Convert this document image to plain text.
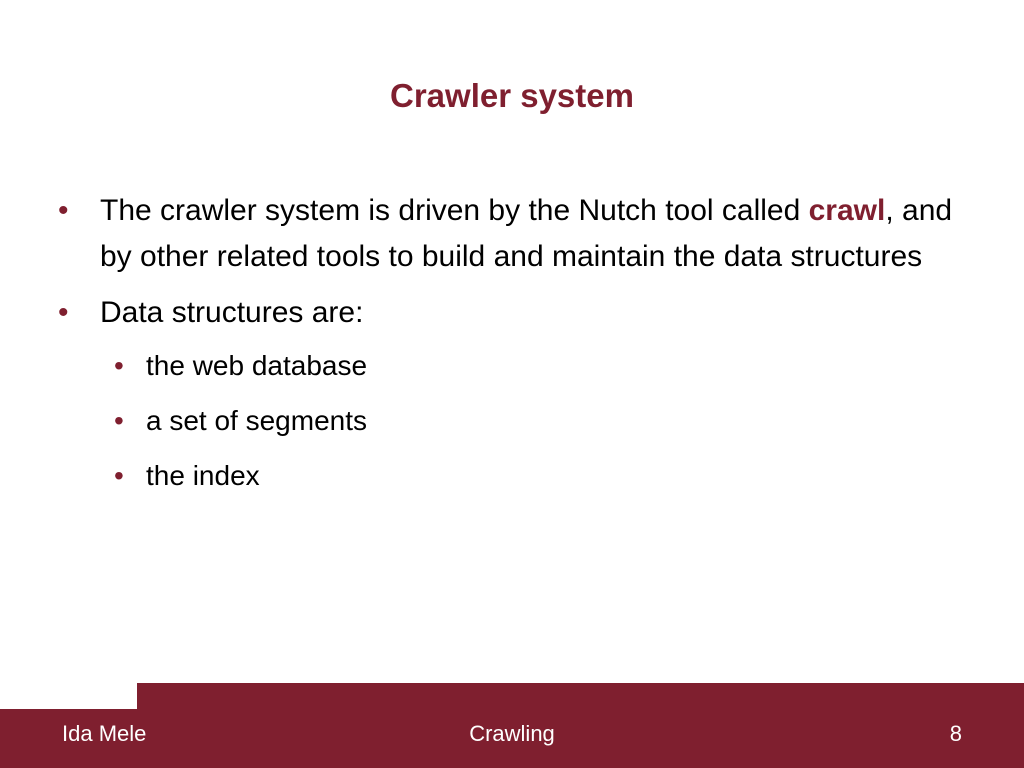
Crawler system
• The crawler system is driven by the Nutch tool called crawl, and by other related tools to build and maintain the data structures
• Data structures are:
• the web database
• a set of segments
• the index
Ida Mele	Crawling	8
